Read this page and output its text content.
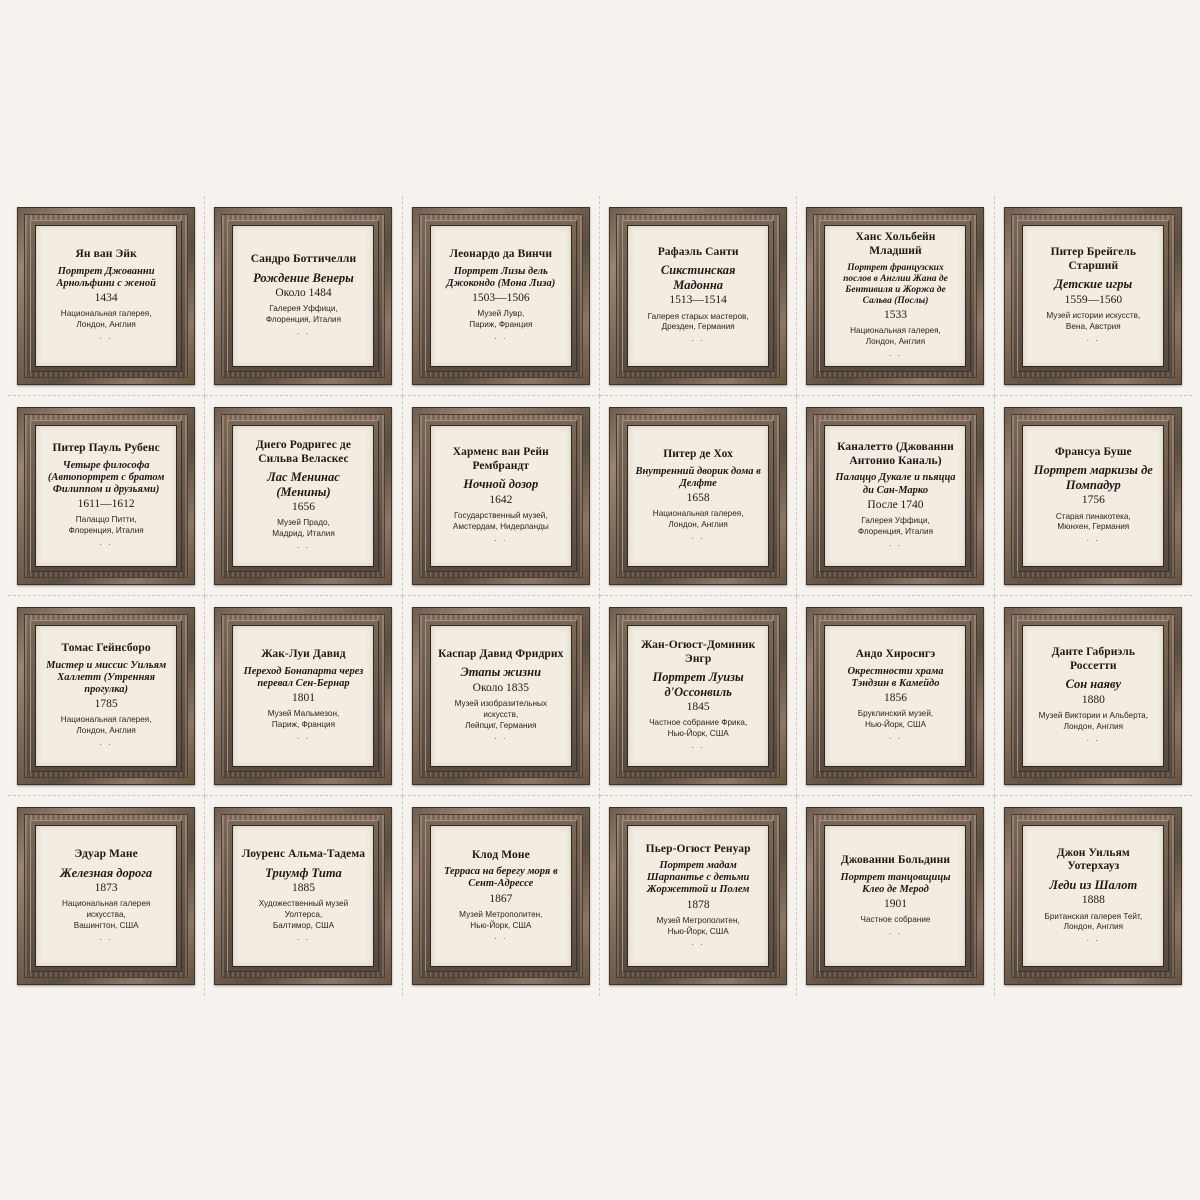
Ян ван Эйк
Портрет Джованни Арнольфини с женой
1434
Национальная галерея,
Лондон, Англия
· ·
Сандро Боттичелли
Рождение Венеры
Около 1484
Галерея Уффици,
Флоренция, Италия
· ·
Леонардо да Винчи
Портрет Лизы дель Джокондо (Мона Лиза)
1503—1506
Музей Лувр,
Париж, Франция
· ·
Рафаэль Санти
Сикстинская Мадонна
1513—1514
Галерея старых мастеров,
Дрезден, Германия
· ·
Ханс Хольбейн Младший
Портрет французских послов в Англии Жана де Бентивиля и Жоржа де Сальва (Послы)
1533
Национальная галерея,
Лондон, Англия
· ·
Питер Брейгель Старший
Детские игры
1559—1560
Музей истории искусств,
Вена, Австрия
· ·
Питер Пауль Рубенс
Четыре философа (Автопортрет с братом Филиппом и друзьями)
1611—1612
Палаццо Питти,
Флоренция, Италия
· ·
Диего Родригес де Сильва Веласкес
Лас Менинас (Менины)
1656
Музей Прадо,
Мадрид, Италия
· ·
Харменс ван Рейн Рембрандт
Ночной дозор
1642
Государственный музей,
Амстердам, Нидерланды
· ·
Питер де Хох
Внутренний дворик дома в Делфте
1658
Национальная галерея,
Лондон, Англия
· ·
Каналетто (Джованни Антонио Каналь)
Палаццо Дукале и пьяцца ди Сан-Марко
После 1740
Галерея Уффици,
Флоренция, Италия
· ·
Франсуа Буше
Портрет маркизы де Помпадур
1756
Старая пинакотека,
Мюнхен, Германия
· ·
Томас Гейнсборо
Мистер и миссис Уильям Халлетт (Утренняя прогулка)
1785
Национальная галерея,
Лондон, Англия
· ·
Жак-Луи Давид
Переход Бонапарта через перевал Сен-Бернар
1801
Музей Мальмезон,
Париж, Франция
· ·
Каспар Давид Фридрих
Этапы жизни
Около 1835
Музей изобразительных искусств,
Лейпциг, Германия
· ·
Жан-Огюст-Доминик Энгр
Портрет Луизы д'Оссонвиль
1845
Частное собрание Фрика,
Нью-Йорк, США
· ·
Андо Хиросигэ
Окрестности храма Тэндзин в Камейдо
1856
Бруклинский музей,
Нью-Йорк, США
· ·
Данте Габриэль Россетти
Сон наяву
1880
Музей Виктории и Альберта,
Лондон, Англия
· ·
Эдуар Мане
Железная дорога
1873
Национальная галерея искусства,
Вашингтон, США
· ·
Лоуренс Альма-Тадема
Триумф Тита
1885
Художественный музей Уолтерса,
Балтимор, США
· ·
Клод Моне
Терраса на берегу моря в Сент-Адрессе
1867
Музей Метрополитен,
Нью-Йорк, США
· ·
Пьер-Огюст Ренуар
Портрет мадам Шарпантье с детьми Жоржеттой и Полем
1878
Музей Метрополитен,
Нью-Йорк, США
· ·
Джованни Больдини
Портрет танцовщицы Клео де Мерод
1901
Частное собрание
· ·
Джон Уильям Уотерхауз
Леди из Шалот
1888
Британская галерея Тейт,
Лондон, Англия
· ·
